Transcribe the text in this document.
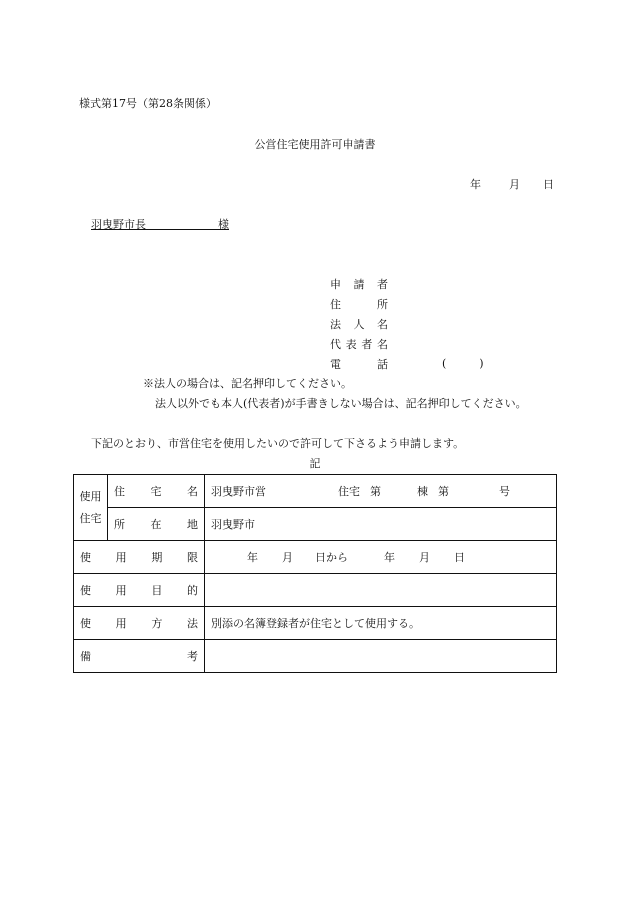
様式第17号（第28条関係）
公営住宅使用許可申請書
年	月 日
羽曳野市長	様
申請者
住所
法人名
代表者名
電話	(　　　)
※法人の場合は、記名押印してください。
法人以外でも本人(代表者)が手書きしない場合は、記名押印してください。
下記のとおり、市営住宅を使用したいので許可して下さるよう申請します。
記
使用
住宅	住宅名	羽曳野市営 住宅 第 棟 第 号
	所在地	羽曳野市
使用期限		年 月 日から 年 月 日
使用目的		
使用方法		別添の名簿登録者が住宅として使用する。
備考		
